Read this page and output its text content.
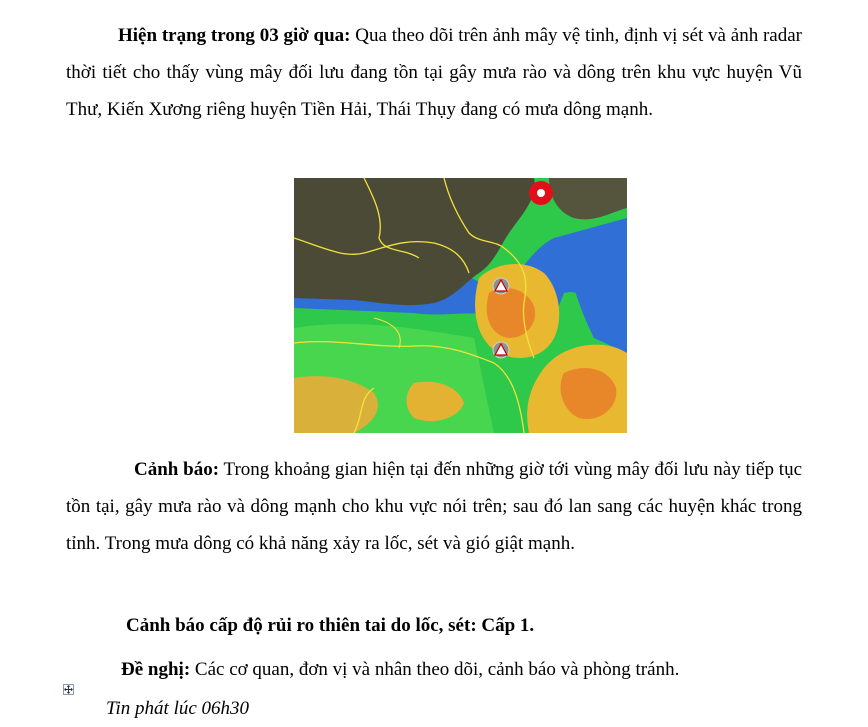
Hiện trạng trong 03 giờ qua: Qua theo dõi trên ảnh mây vệ tinh, định vị sét và ảnh radar thời tiết cho thấy vùng mây đối lưu đang tồn tại gây mưa rào và dông trên khu vực huyện Vũ Thư, Kiến Xương riêng huyện Tiền Hải, Thái Thụy đang có mưa dông mạnh.
Cảnh báo: Trong khoảng gian hiện tại đến những giờ tới vùng mây đối lưu này tiếp tục tồn tại, gây mưa rào và dông mạnh cho khu vực nói trên; sau đó lan sang các huyện khác trong tỉnh. Trong mưa dông có khả năng xảy ra lốc, sét và gió giật mạnh.
Cảnh báo cấp độ rủi ro thiên tai do lốc, sét: Cấp 1.
Đề nghị: Các cơ quan, đơn vị và nhân theo dõi, cảnh báo và phòng tránh.
Tin phát lúc 06h30
